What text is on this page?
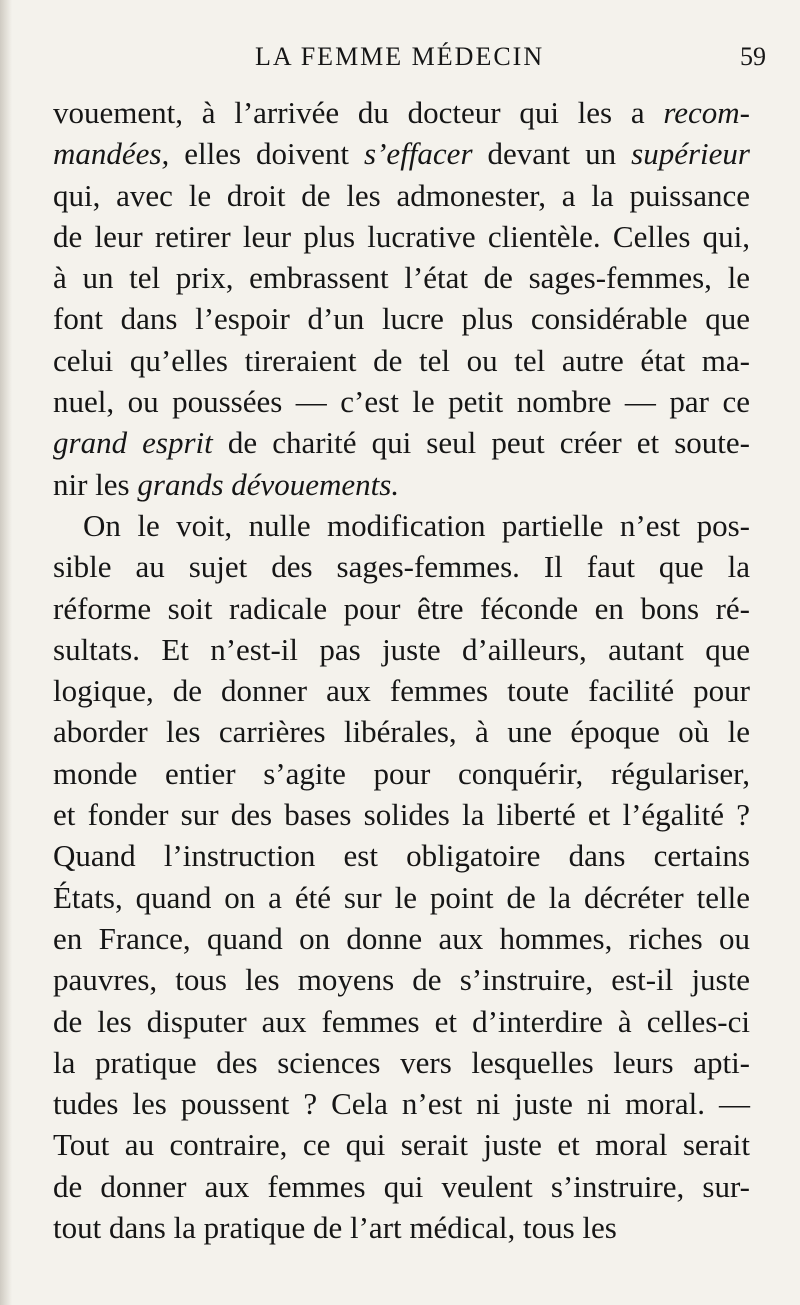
LA FEMME MÉDECIN	59
vouement, à l’arrivée du docteur qui les a recom-
mandées, elles doivent s’effacer devant un supérieur
qui, avec le droit de les admonester, a la puissance
de leur retirer leur plus lucrative clientèle. Celles qui,
à un tel prix, embrassent l’état de sages-femmes, le
font dans l’espoir d’un lucre plus considérable que
celui qu’elles tireraient de tel ou tel autre état ma-
nuel, ou poussées — c’est le petit nombre — par ce
grand esprit de charité qui seul peut créer et soute-
nir les grands dévouements.
On le voit, nulle modification partielle n’est pos-
sible au sujet des sages-femmes. Il faut que la
réforme soit radicale pour être féconde en bons ré-
sultats. Et n’est-il pas juste d’ailleurs, autant que
logique, de donner aux femmes toute facilité pour
aborder les carrières libérales, à une époque où le
monde entier s’agite pour conquérir, régulariser,
et fonder sur des bases solides la liberté et l’égalité ?
Quand l’instruction est obligatoire dans certains
États, quand on a été sur le point de la décréter telle
en France, quand on donne aux hommes, riches ou
pauvres, tous les moyens de s’instruire, est-il juste
de les disputer aux femmes et d’interdire à celles-ci
la pratique des sciences vers lesquelles leurs apti-
tudes les poussent ? Cela n’est ni juste ni moral. —
Tout au contraire, ce qui serait juste et moral serait
de donner aux femmes qui veulent s’instruire, sur-
tout dans la pratique de l’art médical, tous les
